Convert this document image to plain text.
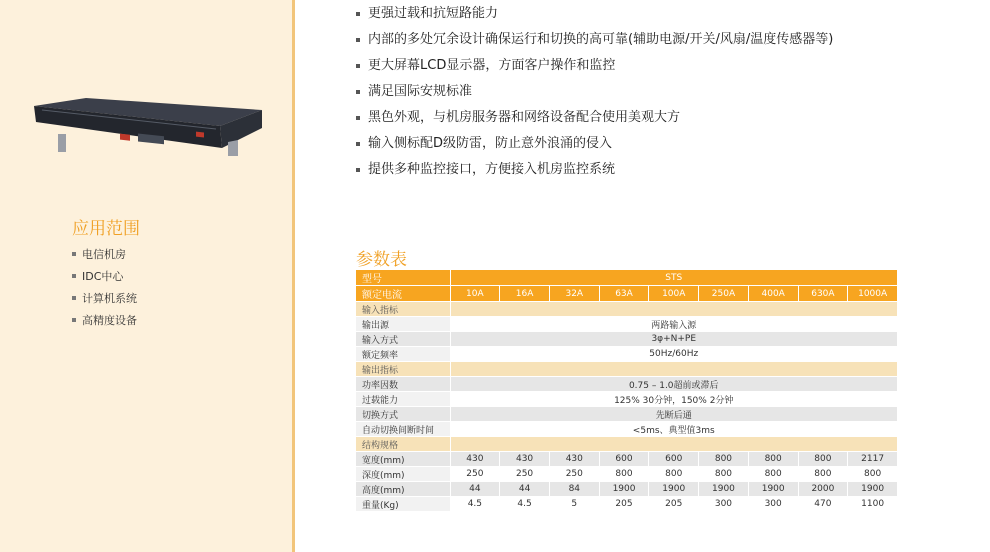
应用范围
电信机房
IDC中心
计算机系统
高精度设备
更强过载和抗短路能力
内部的多处冗余设计确保运行和切换的高可靠(辅助电源/开关/风扇/温度传感器等)
更大屏幕LCD显示器，方面客户操作和监控
满足国际安规标准
黑色外观，与机房服务器和网络设备配合使用美观大方
输入侧标配D级防雷，防止意外浪涌的侵入
提供多种监控接口，方便接入机房监控系统
参数表
型号	STS								
额定电流	10A	16A	32A	63A	100A	250A	400A	630A	1000A
输入指标									
输出源	两路输入源								
输入方式	3φ+N+PE								
额定频率	50Hz/60Hz								
输出指标									
功率因数	0.75 – 1.0超前或滞后								
过载能力	125% 30分钟，150% 2分钟								
切换方式	先断后通								
自动切换间断时间	<5ms、典型值3ms								
结构规格									
宽度(mm)	430	430	430	600	600	800	800	800	2117
深度(mm)	250	250	250	800	800	800	800	800	800
高度(mm)	44	44	84	1900	1900	1900	1900	2000	1900
重量(Kg)	4.5	4.5	5	205	205	300	300	470	1100
